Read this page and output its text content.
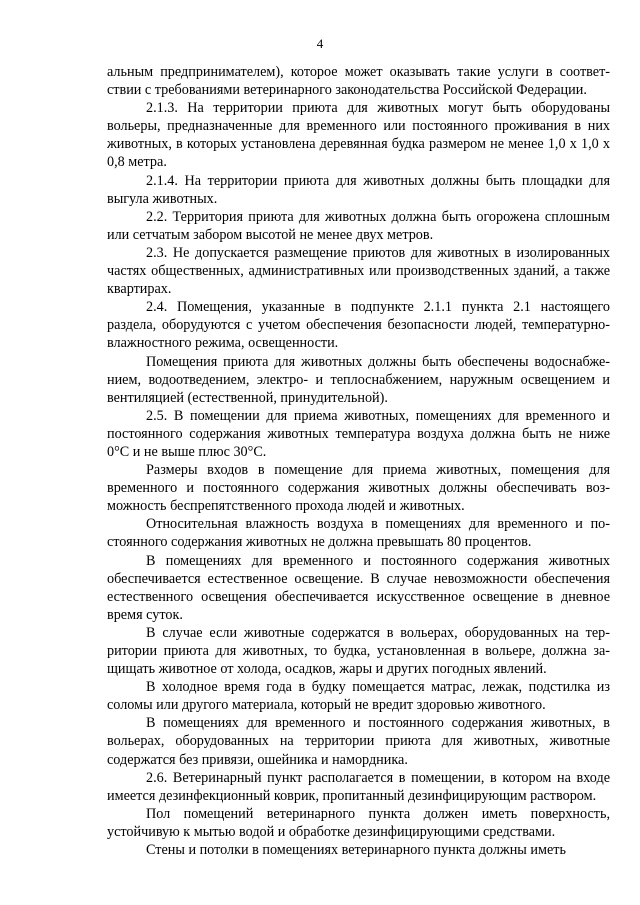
4

альным предпринимателем), которое может оказывать такие услуги в соответствии с требованиями ветеринарного законодательства Российской Федерации.

2.1.3. На территории приюта для животных могут быть оборудованы вольеры, предназначенные для временного или постоянного проживания в них животных, в которых установлена деревянная будка размером не менее 1,0 х 1,0 х 0,8 метра.

2.1.4. На территории приюта для животных должны быть площадки для выгула животных.

2.2. Территория приюта для животных должна быть огорожена сплошным или сетчатым забором высотой не менее двух метров.

2.3. Не допускается размещение приютов для животных в изолированных частях общественных, административных или производственных зданий, а также квартирах.

2.4. Помещения, указанные в подпункте 2.1.1 пункта 2.1 настоящего раздела, оборудуются с учетом обеспечения безопасности людей, температурно-влажностного режима, освещенности.

Помещения приюта для животных должны быть обеспечены водоснабжением, водоотведением, электро- и теплоснабжением, наружным освещением и вентиляцией (естественной, принудительной).

2.5. В помещении для приема животных, помещениях для временного и постоянного содержания животных температура воздуха должна быть не ниже 0°С и не выше плюс 30°С.

Размеры входов в помещение для приема животных, помещения для временного и постоянного содержания животных должны обеспечивать возможность беспрепятственного прохода людей и животных.

Относительная влажность воздуха в помещениях для временного и постоянного содержания животных не должна превышать 80 процентов.

В помещениях для временного и постоянного содержания животных обеспечивается естественное освещение. В случае невозможности обеспечения естественного освещения обеспечивается искусственное освещение в дневное время суток.

В случае если животные содержатся в вольерах, оборудованных на территории приюта для животных, то будка, установленная в вольере, должна защищать животное от холода, осадков, жары и других погодных явлений.

В холодное время года в будку помещается матрас, лежак, подстилка из соломы или другого материала, который не вредит здоровью животного.

В помещениях для временного и постоянного содержания животных, в вольерах, оборудованных на территории приюта для животных, животные содержатся без привязи, ошейника и намордника.

2.6. Ветеринарный пункт располагается в помещении, в котором на входе имеется дезинфекционный коврик, пропитанный дезинфицирующим раствором.

Пол помещений ветеринарного пункта должен иметь поверхность, устойчивую к мытью водой и обработке дезинфицирующими средствами.

Стены и потолки в помещениях ветеринарного пункта должны иметь
